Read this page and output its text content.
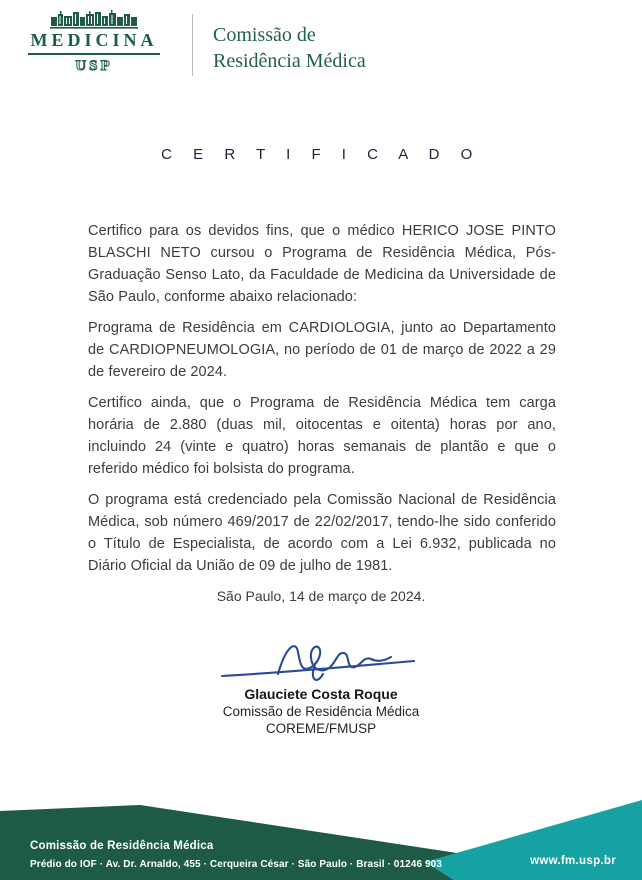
MEDICINA
USP
Comissão de
Residência Médica
C E R T I F I C A D O

Certifico para os devidos fins, que o médico HERICO JOSE PINTO BLASCHI NETO cursou o Programa de Residência Médica, Pós-Graduação Senso Lato, da Faculdade de Medicina da Universidade de São Paulo, conforme abaixo relacionado:

Programa de Residência em CARDIOLOGIA, junto ao Departamento de CARDIOPNEUMOLOGIA, no período de 01 de março de 2022 a 29 de fevereiro de 2024.

Certifico ainda, que o Programa de Residência Médica tem carga horária de 2.880 (duas mil, oitocentas e oitenta) horas por ano, incluindo 24 (vinte e quatro) horas semanais de plantão e que o referido médico foi bolsista do programa.

O programa está credenciado pela Comissão Nacional de Residência Médica, sob número 469/2017 de 22/02/2017, tendo-lhe sido conferido o Título de Especialista, de acordo com a Lei 6.932, publicada no Diário Oficial da União de 09 de julho de 1981.

São Paulo, 14 de março de 2024.
Glauciete Costa Roque
Comissão de Residência Médica
COREME/FMUSP
Comissão de Residência Médica
Prédio do IOF · Av. Dr. Arnaldo, 455 · Cerqueira César · São Paulo · Brasil · 01246 903	www.fm.usp.br
